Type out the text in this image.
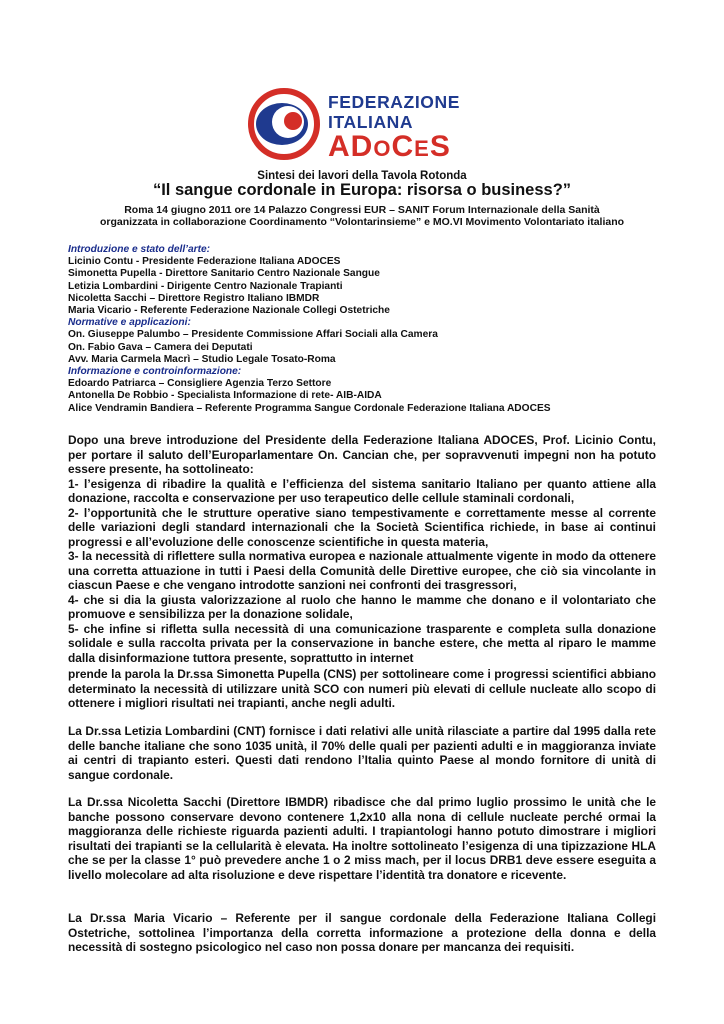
FEDERAZIONE
ITALIANA
ADOCES
Sintesi dei lavori della Tavola Rotonda
“Il sangue cordonale in Europa: risorsa o business?”
Roma 14 giugno 2011 ore 14 Palazzo Congressi EUR – SANIT Forum Internazionale della Sanità
organizzata in collaborazione Coordinamento “Volontarinsieme” e MO.VI Movimento Volontariato italiano
Introduzione e stato dell’arte:
Licinio Contu - Presidente Federazione Italiana ADOCES
Simonetta Pupella - Direttore Sanitario Centro Nazionale Sangue
Letizia Lombardini - Dirigente Centro Nazionale Trapianti
Nicoletta Sacchi – Direttore Registro Italiano IBMDR
Maria Vicario - Referente Federazione Nazionale Collegi Ostetriche
Normative e applicazioni:
On. Giuseppe Palumbo – Presidente Commissione Affari Sociali alla Camera
On. Fabio Gava – Camera dei Deputati
Avv. Maria Carmela Macrì – Studio Legale Tosato-Roma
Informazione e controinformazione:
Edoardo Patriarca – Consigliere Agenzia Terzo Settore
Antonella De Robbio - Specialista Informazione di rete- AIB-AIDA
Alice Vendramin Bandiera – Referente Programma Sangue Cordonale Federazione Italiana ADOCES

Dopo una breve introduzione del Presidente della Federazione Italiana ADOCES, Prof. Licinio Contu, per portare il saluto dell’Europarlamentare On. Cancian che, per sopravvenuti impegni non ha potuto essere presente, ha sottolineato:

1- l’esigenza di ribadire la qualità e l’efficienza del sistema sanitario Italiano per quanto attiene alla donazione, raccolta e conservazione per uso terapeutico delle cellule staminali cordonali,

2- l’opportunità che le strutture operative siano tempestivamente e correttamente messe al corrente delle variazioni degli standard internazionali che la Società Scientifica richiede, in base ai continui progressi e all’evoluzione delle conoscenze scientifiche in questa materia,

3- la necessità di riflettere sulla normativa europea e nazionale attualmente vigente in modo da ottenere una corretta attuazione in tutti i Paesi della Comunità delle Direttive europee, che ciò sia vincolante in ciascun Paese e che vengano introdotte sanzioni nei confronti dei trasgressori,

4- che si dia la giusta valorizzazione al ruolo che hanno le mamme che donano e il volontariato che promuove e sensibilizza per la donazione solidale,

5- che infine si rifletta sulla necessità di una comunicazione trasparente e completa sulla donazione solidale e sulla raccolta privata per la conservazione in banche estere, che metta al riparo le mamme dalla disinformazione tuttora presente, soprattutto in internet

prende la parola la Dr.ssa Simonetta Pupella (CNS) per sottolineare come i progressi scientifici abbiano determinato la necessità di utilizzare unità SCO con numeri più elevati di cellule nucleate allo scopo di ottenere i migliori risultati nei trapianti, anche negli adulti.

La Dr.ssa Letizia Lombardini (CNT) fornisce i dati relativi alle unità rilasciate a partire dal 1995 dalla rete delle banche italiane che sono 1035 unità, il 70% delle quali per pazienti adulti e in maggioranza inviate ai centri di trapianto esteri. Questi dati rendono l’Italia quinto Paese al mondo fornitore di unità di sangue cordonale.

La Dr.ssa Nicoletta Sacchi (Direttore IBMDR) ribadisce che dal primo luglio prossimo le unità che le banche possono conservare devono contenere 1,2x10 alla nona di cellule nucleate perché ormai la maggioranza delle richieste riguarda pazienti adulti. I trapiantologi hanno potuto dimostrare i migliori risultati dei trapianti se la cellularità è elevata. Ha inoltre sottolineato l’esigenza di una tipizzazione HLA che se per la classe 1° può prevedere anche 1 o 2 miss mach, per il locus DRB1 deve essere eseguita a livello molecolare ad alta risoluzione e deve rispettare l’identità tra donatore e ricevente.

La Dr.ssa Maria Vicario – Referente per il sangue cordonale della Federazione Italiana Collegi Ostetriche, sottolinea l’importanza della corretta informazione a protezione della donna e della necessità di sostegno psicologico nel caso non possa donare per mancanza dei requisiti.
